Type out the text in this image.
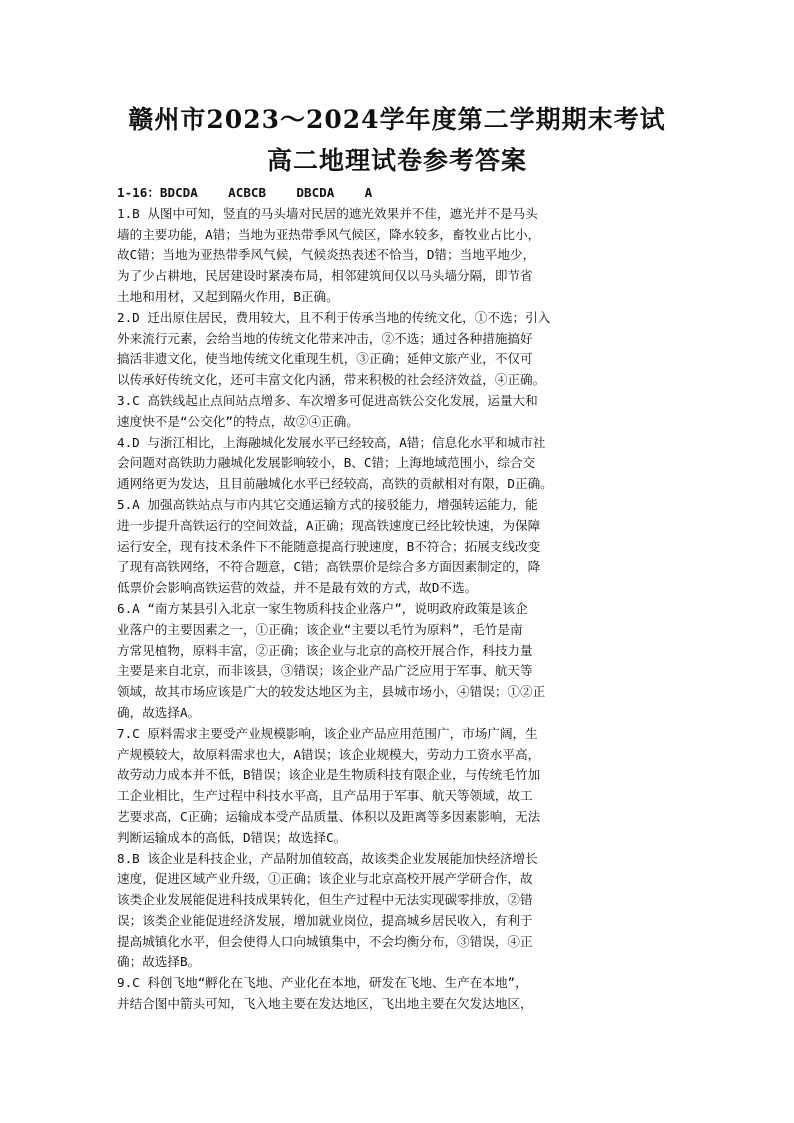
赣州市2023～2024学年度第二学期期末考试
高二地理试卷参考答案
1-16：BDCDA    ACBCB    DBCDA    A
1.B 从图中可知，竖直的马头墙对民居的遮光效果并不佳，遮光并不是马头
墙的主要功能，A错；当地为亚热带季风气候区，降水较多，畜牧业占比小，
故C错；当地为亚热带季风气候，气候炎热表述不恰当，D错；当地平地少，
为了少占耕地，民居建设时紧凑布局，相邻建筑间仅以马头墙分隔，即节省
土地和用材，又起到隔火作用，B正确。
2.D 迁出原住居民，费用较大，且不利于传承当地的传统文化，①不选；引入
外来流行元素，会给当地的传统文化带来冲击，②不选；通过各种措施搞好
搞活非遗文化，使当地传统文化重现生机，③正确；延伸文旅产业，不仅可
以传承好传统文化，还可丰富文化内涵，带来积极的社会经济效益，④正确。
3.C 高铁线起止点间站点增多、车次增多可促进高铁公交化发展，运量大和
速度快不是“公交化”的特点，故②④正确。
4.D 与浙江相比，上海融城化发展水平已经较高，A错；信息化水平和城市社
会问题对高铁助力融城化发展影响较小，B、C错；上海地域范围小，综合交
通网络更为发达，且目前融城化水平已经较高，高铁的贡献相对有限，D正确。
5.A 加强高铁站点与市内其它交通运输方式的接驳能力，增强转运能力，能
进一步提升高铁运行的空间效益，A正确；现高铁速度已经比较快速，为保障
运行安全，现有技术条件下不能随意提高行驶速度，B不符合；拓展支线改变
了现有高铁网络，不符合题意，C错；高铁票价是综合多方面因素制定的，降
低票价会影响高铁运营的效益，并不是最有效的方式，故D不选。
6.A “南方某县引入北京一家生物质科技企业落户”，说明政府政策是该企
业落户的主要因素之一，①正确；该企业“主要以毛竹为原料”，毛竹是南
方常见植物，原料丰富，②正确；该企业与北京的高校开展合作，科技力量
主要是来自北京，而非该县，③错误；该企业产品广泛应用于军事、航天等
领域，故其市场应该是广大的较发达地区为主，县城市场小，④错误；①②正
确，故选择A。
7.C 原料需求主要受产业规模影响，该企业产品应用范围广，市场广阔，生
产规模较大，故原料需求也大，A错误；该企业规模大，劳动力工资水平高，
故劳动力成本并不低，B错误；该企业是生物质科技有限企业，与传统毛竹加
工企业相比，生产过程中科技水平高，且产品用于军事、航天等领域，故工
艺要求高，C正确；运输成本受产品质量、体积以及距离等多因素影响，无法
判断运输成本的高低，D错误；故选择C。
8.B 该企业是科技企业，产品附加值较高，故该类企业发展能加快经济增长
速度，促进区域产业升级，①正确；该企业与北京高校开展产学研合作，故
该类企业发展能促进科技成果转化，但生产过程中无法实现碳零排放，②错
误；该类企业能促进经济发展，增加就业岗位，提高城乡居民收入，有利于
提高城镇化水平，但会使得人口向城镇集中，不会均衡分布，③错误，④正
确；故选择B。
9.C 科创飞地“孵化在飞地、产业化在本地，研发在飞地、生产在本地”，
并结合图中箭头可知，飞入地主要在发达地区，飞出地主要在欠发达地区，
